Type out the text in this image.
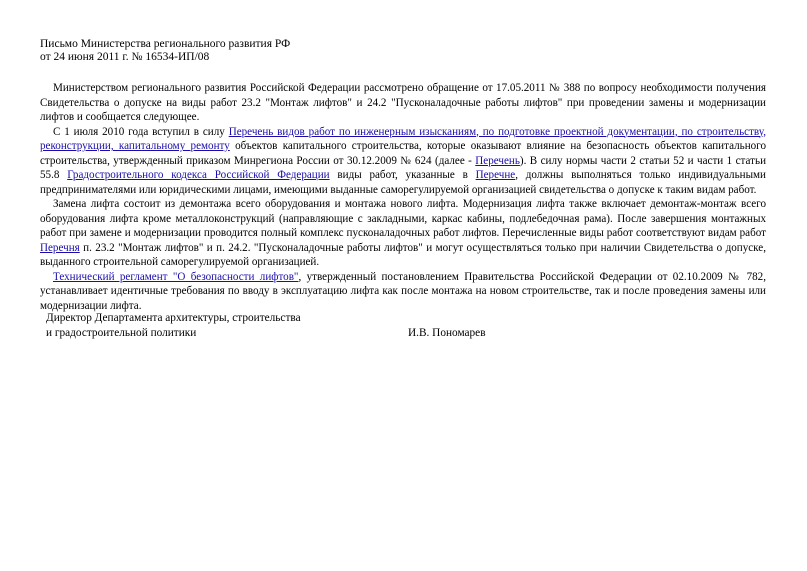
Письмо Министерства регионального развития РФ

от 24 июня 2011 г. № 16534-ИП/08

Министерством регионального развития Российской Федерации рассмотрено обращение от 17.05.2011 № 388 по вопросу необходимости получения Свидетельства о допуске на виды работ 23.2 "Монтаж лифтов" и 24.2 "Пусконаладочные работы лифтов" при проведении замены и модернизации лифтов и сообщается следующее.

С 1 июля 2010 года вступил в силу Перечень видов работ по инженерным изысканиям, по подготовке проектной документации, по строительству, реконструкции, капитальному ремонту объектов капитального строительства, которые оказывают влияние на безопасность объектов капитального строительства, утвержденный приказом Минрегиона России от 30.12.2009 № 624 (далее - Перечень). В силу нормы части 2 статьи 52 и части 1 статьи 55.8 Градостроительного кодекса Российской Федерации виды работ, указанные в Перечне, должны выполняться только индивидуальными предпринимателями или юридическими лицами, имеющими выданные саморегулируемой организацией свидетельства о допуске к таким видам работ.

Замена лифта состоит из демонтажа всего оборудования и монтажа нового лифта. Модернизация лифта также включает демонтаж-монтаж всего оборудования лифта кроме металлоконструкций (направляющие с закладными, каркас кабины, подлебедочная рама). После завершения монтажных работ при замене и модернизации проводится полный комплекс пусконаладочных работ лифтов. Перечисленные виды работ соответствуют видам работ Перечня п. 23.2 "Монтаж лифтов" и п. 24.2. "Пусконаладочные работы лифтов" и могут осуществляться только при наличии Свидетельства о допуске, выданного строительной саморегулируемой организацией.

Технический регламент "О безопасности лифтов", утвержденный постановлением Правительства Российской Федерации от 02.10.2009 № 782, устанавливает идентичные требования по вводу в эксплуатацию лифта как после монтажа на новом строительстве, так и после проведения замены или модернизации лифта.

Директор Департамента архитектуры, строительства
и градостроительной политики	И.В. Пономарев
